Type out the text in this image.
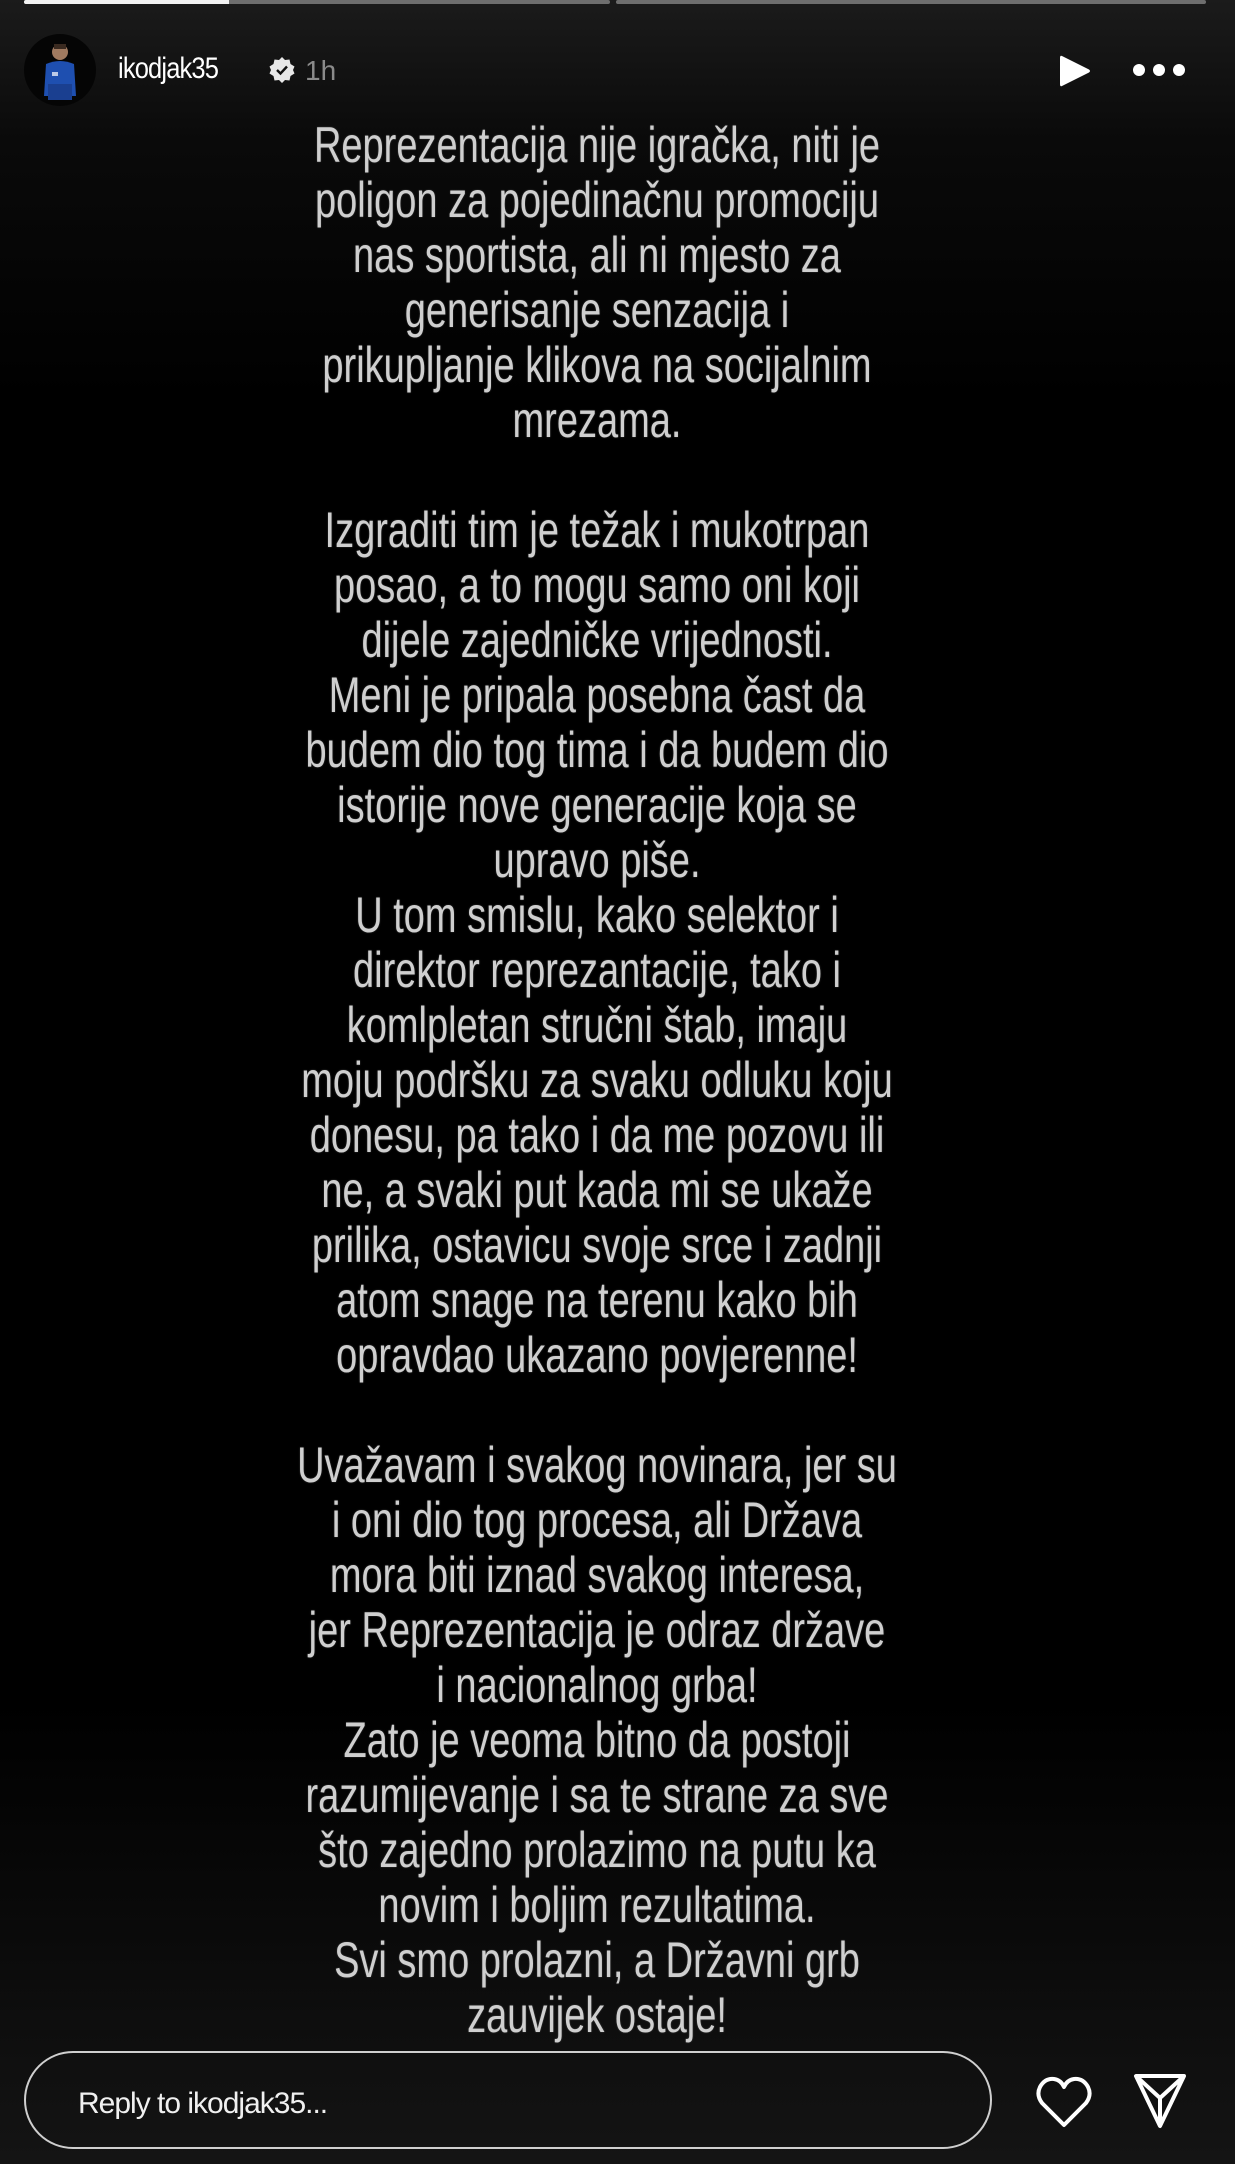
ikodjak35	1h
Reprezentacija nije igračka, niti je
poligon za pojedinačnu promociju
nas sportista, ali ni mjesto za
generisanje senzacija i
prikupljanje klikova na socijalnim
mrezama.
Izgraditi tim je težak i mukotrpan
posao, a to mogu samo oni koji
dijele zajedničke vrijednosti.
Meni je pripala posebna čast da
budem dio tog tima i da budem dio
istorije nove generacije koja se
upravo piše.
U tom smislu, kako selektor i
direktor reprezantacije, tako i
komlpletan stručni štab, imaju
moju podršku za svaku odluku koju
donesu, pa tako i da me pozovu ili
ne, a svaki put kada mi se ukaže
prilika, ostavicu svoje srce i zadnji
atom snage na terenu kako bih
opravdao ukazano povjerenne!
Uvažavam i svakog novinara, jer su
i oni dio tog procesa, ali Država
mora biti iznad svakog interesa,
jer Reprezentacija je odraz države
i nacionalnog grba!
Zato je veoma bitno da postoji
razumijevanje i sa te strane za sve
što zajedno prolazimo na putu ka
novim i boljim rezultatima.
Svi smo prolazni, a Državni grb
zauvijek ostaje!
Reply to ikodjak35...
